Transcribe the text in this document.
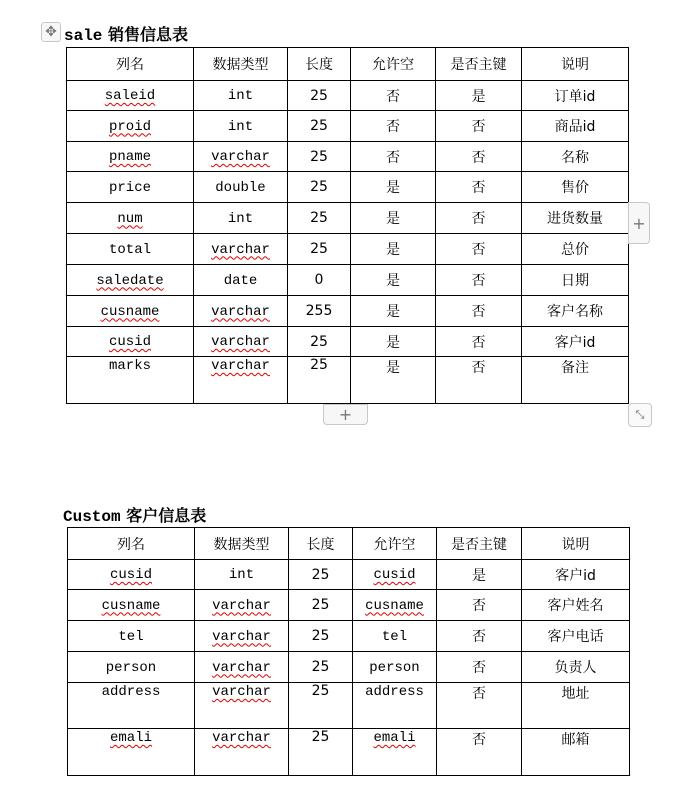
✥ sale 销售信息表
列名	数据类型	长度	允许空	是否主键	说明
saleid	int	25	否	是	订单id
proid	int	25	否	否	商品id
pname	varchar	25	否	否	名称
price	double	25	是	否	售价
num	int	25	是	否	进货数量
total	varchar	25	是	否	总价
saledate	date	0	是	否	日期
cusname	varchar	255	是	否	客户名称
cusid	varchar	25	是	否	客户id
marks	varchar	25	是	否	备注
+
+	⤡
Custom 客户信息表
列名	数据类型	长度	允许空	是否主键	说明
cusid	int	25	cusid	是	客户id
cusname	varchar	25	cusname	否	客户姓名
tel	varchar	25	tel	否	客户电话
person	varchar	25	person	否	负责人
address	varchar	25	address	否	地址
emali	varchar	25	emali	否	邮箱
